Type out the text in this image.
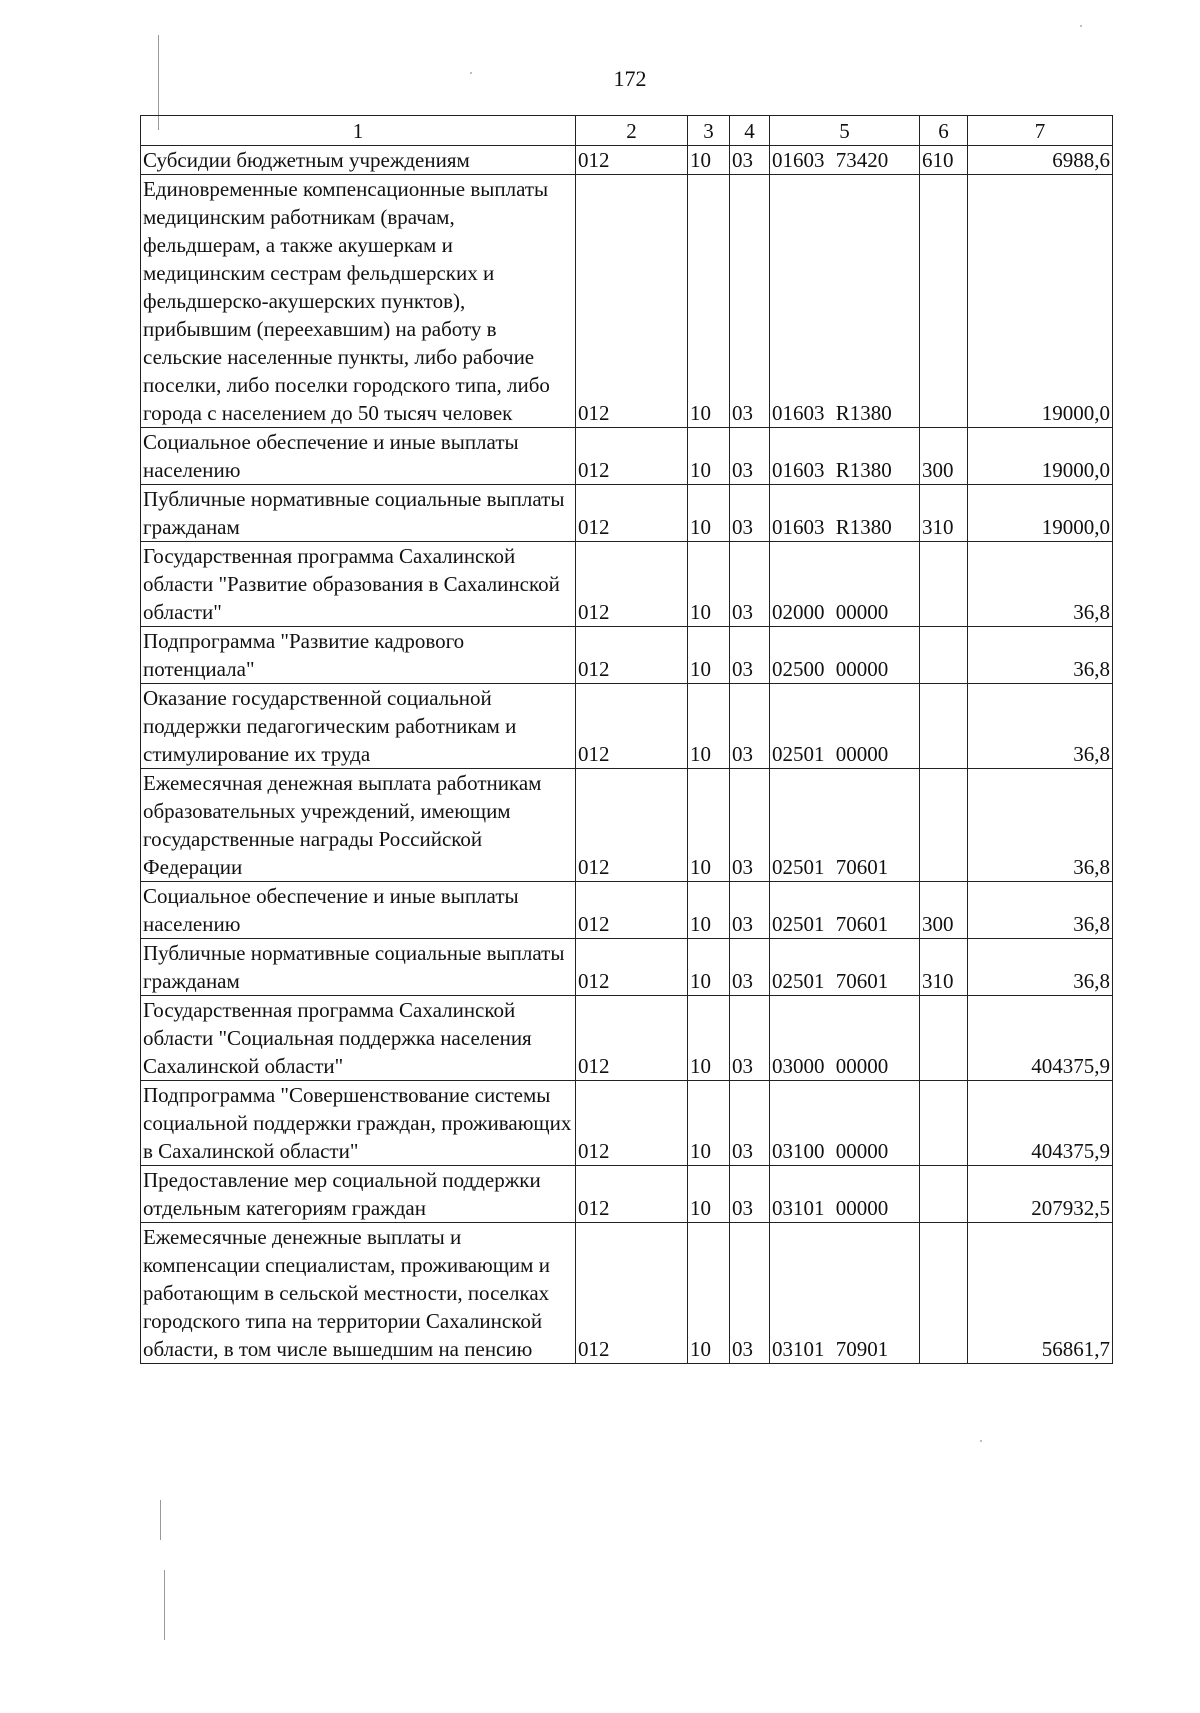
172
1	2	3	4	5	6	7
Субсидии бюджетным учреждениям	012	10	03	01603 73420	610	6988,6
Единовременные компенсационные выплаты медицинским работникам (врачам, фельдшерам, а также акушеркам и медицинским сестрам фельдшерских и фельдшерско-акушерских пунктов), прибывшим (переехавшим) на работу в сельские населенные пункты, либо рабочие поселки, либо поселки городского типа, либо города с населением до 50 тысяч человек	012	10	03	01603 R1380		19000,0
Социальное обеспечение и иные выплаты населению	012	10	03	01603 R1380	300	19000,0
Публичные нормативные социальные выплаты гражданам	012	10	03	01603 R1380	310	19000,0
Государственная программа Сахалинской области "Развитие образования в Сахалинской области"	012	10	03	02000 00000		36,8
Подпрограмма "Развитие кадрового потенциала"	012	10	03	02500 00000		36,8
Оказание государственной социальной поддержки педагогическим работникам и стимулирование их труда	012	10	03	02501 00000		36,8
Ежемесячная денежная выплата работникам образовательных учреждений, имеющим государственные награды Российской Федерации	012	10	03	02501 70601		36,8
Социальное обеспечение и иные выплаты населению	012	10	03	02501 70601	300	36,8
Публичные нормативные социальные выплаты гражданам	012	10	03	02501 70601	310	36,8
Государственная программа Сахалинской области "Социальная поддержка населения Сахалинской области"	012	10	03	03000 00000		404375,9
Подпрограмма "Совершенствование системы социальной поддержки граждан, проживающих в Сахалинской области"	012	10	03	03100 00000		404375,9
Предоставление мер социальной поддержки отдельным категориям граждан	012	10	03	03101 00000		207932,5
Ежемесячные денежные выплаты и компенсации специалистам, проживающим и работающим в сельской местности, поселках городского типа на территории Сахалинской области, в том числе вышедшим на пенсию	012	10	03	03101 70901		56861,7
